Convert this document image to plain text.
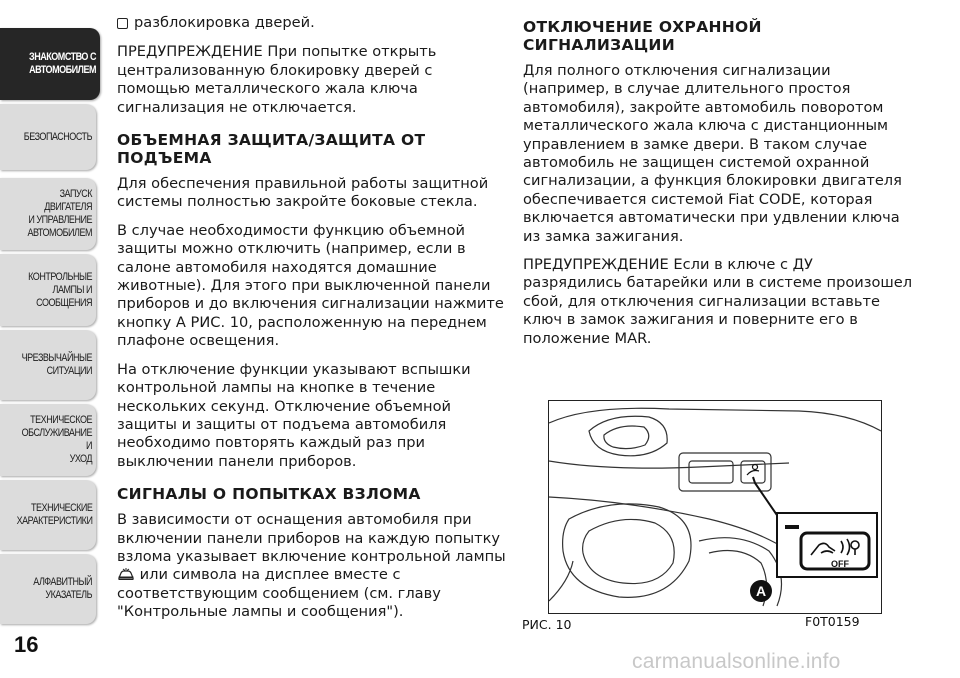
ЗНАКОМСТВО С
АВТОМОБИЛЕМ
БЕЗОПАСНОСТЬ
ЗАПУСК ДВИГАТЕЛЯ
И УПРАВЛЕНИЕ
АВТОМОБИЛЕМ
КОНТРОЛЬНЫЕ
ЛАМПЫ И
СООБЩЕНИЯ
ЧРЕЗВЫЧАЙНЫЕ
СИТУАЦИИ
ТЕХНИЧЕСКОЕ
ОБСЛУЖИВАНИЕ И
УХОД
ТЕХНИЧЕСКИЕ
ХАРАКТЕРИСТИКИ
АЛФАВИТНЫЙ
УКАЗАТЕЛЬ
16
разблокировка дверей.

ПРЕДУПРЕЖДЕНИЕ При попытке открыть централизованную блокировку дверей с помощью металлического жала ключа сигнализация не отключается.

ОБЪЕМНАЯ ЗАЩИТА/ЗАЩИТА ОТ ПОДЪЕМА

Для обеспечения правильной работы защитной системы полностью закройте боковые стекла.

В случае необходимости функцию объемной защиты можно отключить (например, если в салоне автомобиля находятся домашние животные). Для этого при выключенной панели приборов и до включения сигнализации нажмите кнопку A РИС. 10, расположенную на переднем плафоне освещения.

На отключение функции указывают вспышки контрольной лампы на кнопке в течение нескольких секунд. Отключение объемной защиты и защиты от подъема автомобиля необходимо повторять каждый раз при выключении панели приборов.

СИГНАЛЫ О ПОПЫТКАХ ВЗЛОМА

В зависимости от оснащения автомобиля при включении панели приборов на каждую попытку взлома указывает включение контрольной лампы  или символа на дисплее вместе с соответствующим сообщением (см. главу "Контрольные лампы и сообщения").

ОТКЛЮЧЕНИЕ ОХРАННОЙ СИГНАЛИЗАЦИИ

Для полного отключения сигнализации (например, в случае длительного простоя автомобиля), закройте автомобиль поворотом металлического жала ключа с дистанционным управлением в замке двери. В таком случае автомобиль не защищен системой охранной сигнализации, а функция блокировки двигателя обеспечивается системой Fiat CODE, которая включается автоматически при удвлении ключа из замка зажигания.

ПРЕДУПРЕЖДЕНИЕ Если в ключе с ДУ разрядились батарейки или в системе произошел сбой, для отключения сигнализации вставьте ключ в замок зажигания и поверните его в положение MAR.

OFF
A
РИС. 10	F0T0159
carmanualsonline.info
